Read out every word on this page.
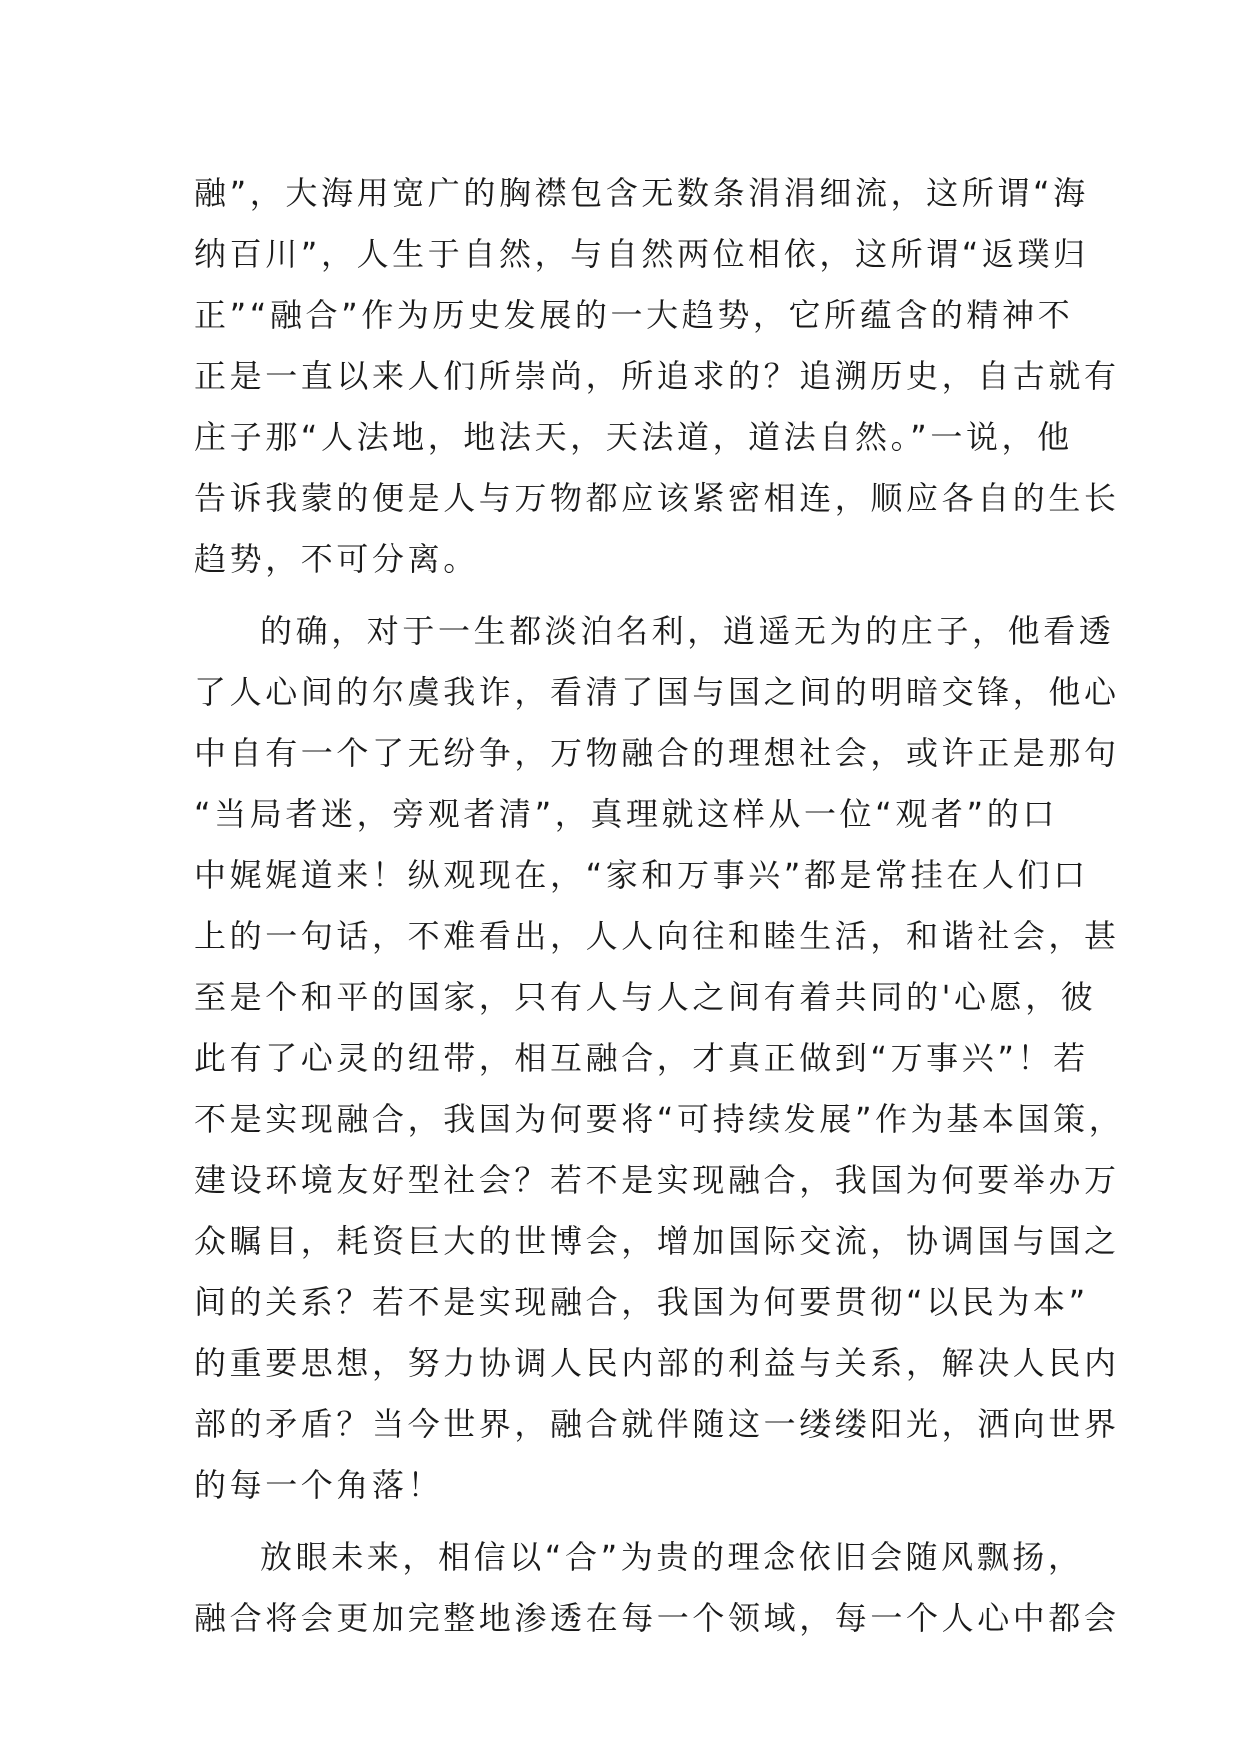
融”，大海用宽广的胸襟包含无数条涓涓细流，这所谓“海

纳百川”，人生于自然，与自然两位相依，这所谓“返璞归

正”“融合”作为历史发展的一大趋势，它所蕴含的精神不

正是一直以来人们所崇尚，所追求的？追溯历史，自古就有

庄子那“人法地，地法天，天法道，道法自然。”一说，他

告诉我蒙的便是人与万物都应该紧密相连，顺应各自的生长

趋势，不可分离。

的确，对于一生都淡泊名利，逍遥无为的庄子，他看透

了人心间的尔虞我诈，看清了国与国之间的明暗交锋，他心

中自有一个了无纷争，万物融合的理想社会，或许正是那句

“当局者迷，旁观者清”，真理就这样从一位“观者”的口

中娓娓道来！纵观现在，“家和万事兴”都是常挂在人们口

上的一句话，不难看出，人人向往和睦生活，和谐社会，甚

至是个和平的国家，只有人与人之间有着共同的'心愿，彼

此有了心灵的纽带，相互融合，才真正做到“万事兴”！若

不是实现融合，我国为何要将“可持续发展”作为基本国策，

建设环境友好型社会？若不是实现融合，我国为何要举办万

众瞩目，耗资巨大的世博会，增加国际交流，协调国与国之

间的关系？若不是实现融合，我国为何要贯彻“以民为本”

的重要思想，努力协调人民内部的利益与关系，解决人民内

部的矛盾？当今世界，融合就伴随这一缕缕阳光，洒向世界

的每一个角落！

放眼未来，相信以“合”为贵的理念依旧会随风飘扬，

融合将会更加完整地渗透在每一个领域，每一个人心中都会
